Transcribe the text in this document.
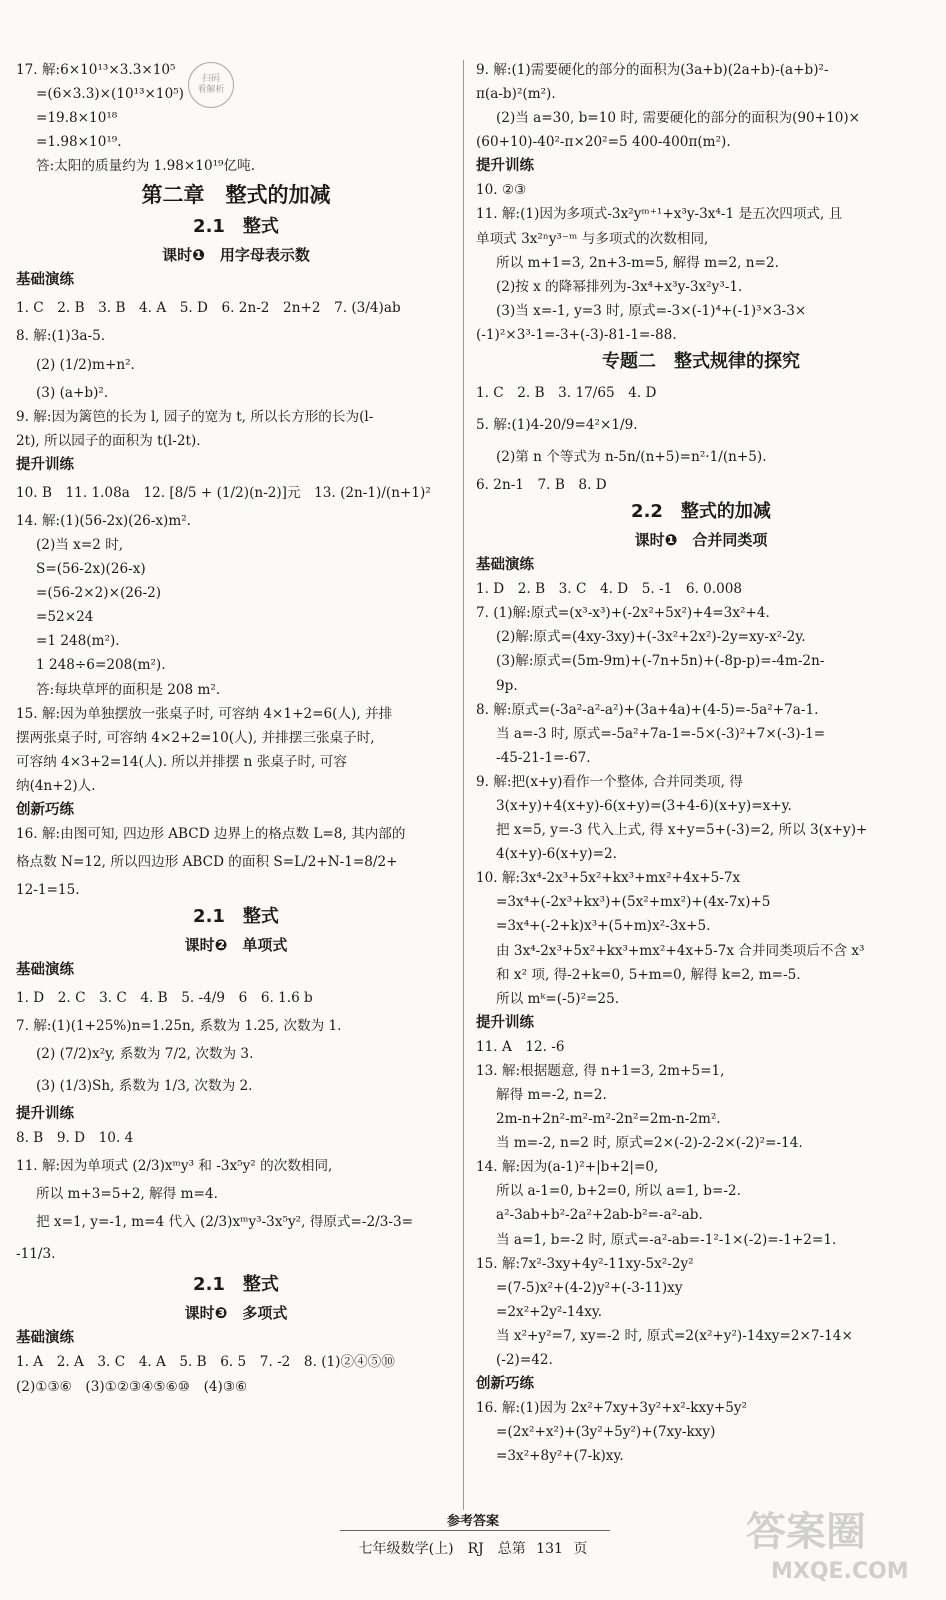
17. 解:6×10¹³×3.3×10⁵
=(6×3.3)×(10¹³×10⁵)
=19.8×10¹⁸
=1.98×10¹⁹.
答:太阳的质量约为 1.98×10¹⁹亿吨.
第二章　整式的加减
2.1　整式
课时❶　用字母表示数
基础演练
1. C　2. B　3. B　4. A　5. D　6. 2n-2　2n+2　7. (3/4)ab
8. 解:(1)3a-5.
(2) (1/2)m+n².
(3) (a+b)².
9. 解:因为篱笆的长为 l, 园子的宽为 t, 所以长方形的长为(l-
2t), 所以园子的面积为 t(l-2t).
提升训练
10. B　11. 1.08a　12. [8/5 + (1/2)(n-2)]元　13. (2n-1)/(n+1)²
14. 解:(1)(56-2x)(26-x)m².
(2)当 x=2 时,
S=(56-2x)(26-x)
=(56-2×2)×(26-2)
=52×24
=1 248(m²).
1 248÷6=208(m²).
答:每块草坪的面积是 208 m².
15. 解:因为单独摆放一张桌子时, 可容纳 4×1+2=6(人), 并排
摆两张桌子时, 可容纳 4×2+2=10(人), 并排摆三张桌子时,
可容纳 4×3+2=14(人). 所以并排摆 n 张桌子时, 可容
纳(4n+2)人.
创新巧练
16. 解:由图可知, 四边形 ABCD 边界上的格点数 L=8, 其内部的
格点数 N=12, 所以四边形 ABCD 的面积 S=L/2+N-1=8/2+
12-1=15.
2.1　整式
课时❷　单项式
基础演练
1. D　2. C　3. C　4. B　5. -4/9　6　6. 1.6 b
7. 解:(1)(1+25%)n=1.25n, 系数为 1.25, 次数为 1.
(2) (7/2)x²y, 系数为 7/2, 次数为 3.
(3) (1/3)Sh, 系数为 1/3, 次数为 2.
提升训练
8. B　9. D　10. 4
11. 解:因为单项式 (2/3)xᵐy³ 和 -3x⁵y² 的次数相同,
所以 m+3=5+2, 解得 m=4.
把 x=1, y=-1, m=4 代入 (2/3)xᵐy³-3x⁵y², 得原式=-2/3-3=
-11/3.
2.1　整式
课时❸　多项式
基础演练
1. A　2. A　3. C　4. A　5. B　6. 5　7. -2　8. (1)②④⑤⑩
(2)①③⑥　(3)①②③④⑤⑥⑩　(4)③⑥
9. 解:(1)需要硬化的部分的面积为(3a+b)(2a+b)-(a+b)²-
π(a-b)²(m²).
(2)当 a=30, b=10 时, 需要硬化的部分的面积为(90+10)×
(60+10)-40²-π×20²=5 400-400π(m²).
提升训练
10. ②③
11. 解:(1)因为多项式-3x²yᵐ⁺¹+x³y-3x⁴-1 是五次四项式, 且
单项式 3x²ⁿy³⁻ᵐ 与多项式的次数相同,
所以 m+1=3, 2n+3-m=5, 解得 m=2, n=2.
(2)按 x 的降幂排列为-3x⁴+x³y-3x²y³-1.
(3)当 x=-1, y=3 时, 原式=-3×(-1)⁴+(-1)³×3-3×
(-1)²×3³-1=-3+(-3)-81-1=-88.
专题二　整式规律的探究
1. C　2. B　3. 17/65　4. D
5. 解:(1)4-20/9=4²×1/9.
(2)第 n 个等式为 n-5n/(n+5)=n²·1/(n+5).
6. 2n-1　7. B　8. D
2.2　整式的加减
课时❶　合并同类项
基础演练
1. D　2. B　3. C　4. D　5. -1　6. 0.008
7. (1)解:原式=(x³-x³)+(-2x²+5x²)+4=3x²+4.
(2)解:原式=(4xy-3xy)+(-3x²+2x²)-2y=xy-x²-2y.
(3)解:原式=(5m-9m)+(-7n+5n)+(-8p-p)=-4m-2n-
9p.
8. 解:原式=(-3a²-a²-a²)+(3a+4a)+(4-5)=-5a²+7a-1.
当 a=-3 时, 原式=-5a²+7a-1=-5×(-3)²+7×(-3)-1=
-45-21-1=-67.
9. 解:把(x+y)看作一个整体, 合并同类项, 得
3(x+y)+4(x+y)-6(x+y)=(3+4-6)(x+y)=x+y.
把 x=5, y=-3 代入上式, 得 x+y=5+(-3)=2, 所以 3(x+y)+
4(x+y)-6(x+y)=2.
10. 解:3x⁴-2x³+5x²+kx³+mx²+4x+5-7x
=3x⁴+(-2x³+kx³)+(5x²+mx²)+(4x-7x)+5
=3x⁴+(-2+k)x³+(5+m)x²-3x+5.
由 3x⁴-2x³+5x²+kx³+mx²+4x+5-7x 合并同类项后不含 x³
和 x² 项, 得-2+k=0, 5+m=0, 解得 k=2, m=-5.
所以 mᵏ=(-5)²=25.
提升训练
11. A　12. -6
13. 解:根据题意, 得 n+1=3, 2m+5=1,
解得 m=-2, n=2.
2m-n+2n²-m²-m²-2n²=2m-n-2m².
当 m=-2, n=2 时, 原式=2×(-2)-2-2×(-2)²=-14.
14. 解:因为(a-1)²+|b+2|=0,
所以 a-1=0, b+2=0, 所以 a=1, b=-2.
a²-3ab+b²-2a²+2ab-b²=-a²-ab.
当 a=1, b=-2 时, 原式=-a²-ab=-1²-1×(-2)=-1+2=1.
15. 解:7x²-3xy+4y²-11xy-5x²-2y²
=(7-5)x²+(4-2)y²+(-3-11)xy
=2x²+2y²-14xy.
当 x²+y²=7, xy=-2 时, 原式=2(x²+y²)-14xy=2×7-14×
(-2)=42.
创新巧练
16. 解:(1)因为 2x²+7xy+3y²+x²-kxy+5y²
=(2x²+x²)+(3y²+5y²)+(7xy-kxy)
=3x²+8y²+(7-k)xy.
扫码
看解析
参考答案
七年级数学(上)　RJ　总第 131 页	答案圈
MXQE.COM
